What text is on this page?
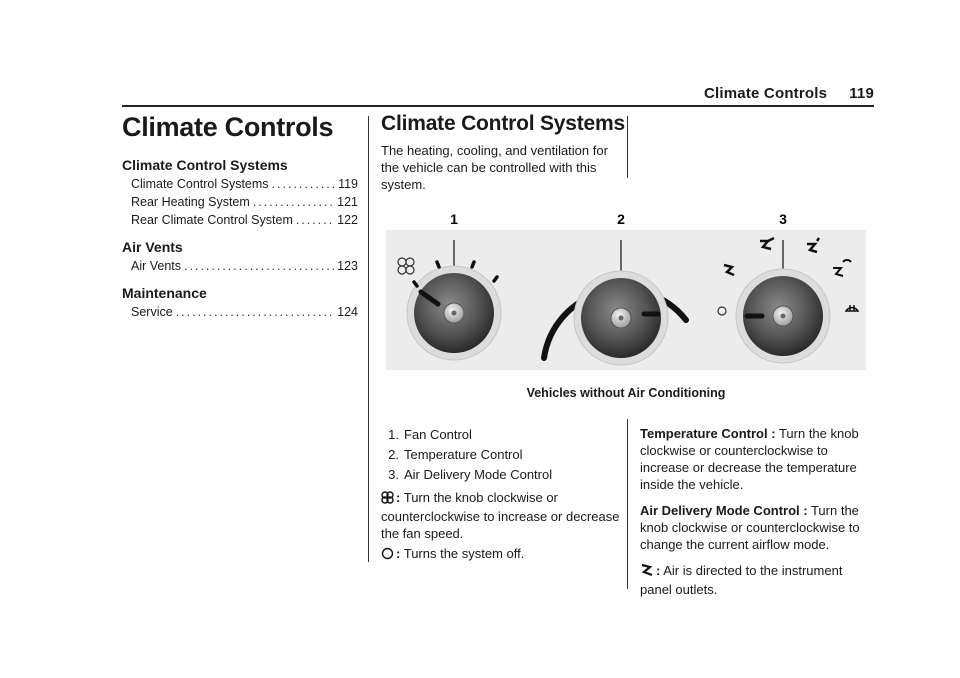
Climate Controls 119
Climate Controls
Climate Control Systems
Climate Control Systems .....	119
Rear Heating System .....	121
Rear Climate Control System .....	122
Air Vents
Air Vents .....	123
Maintenance
Service .....	124
Climate Control Systems

The heating, cooling, and ventilation for the vehicle can be controlled with this system.

1	2	3
Vehicles without Air Conditioning
1. Fan Control
2. Temperature Control
3. Air Delivery Mode Control

: Turn the knob clockwise or counterclockwise to increase or decrease the fan speed.

: Turns the system off.

Temperature Control : Turn the knob clockwise or counterclockwise to increase or decrease the temperature inside the vehicle.

Air Delivery Mode Control : Turn the knob clockwise or counterclockwise to change the current airflow mode.

: Air is directed to the instrument panel outlets.
